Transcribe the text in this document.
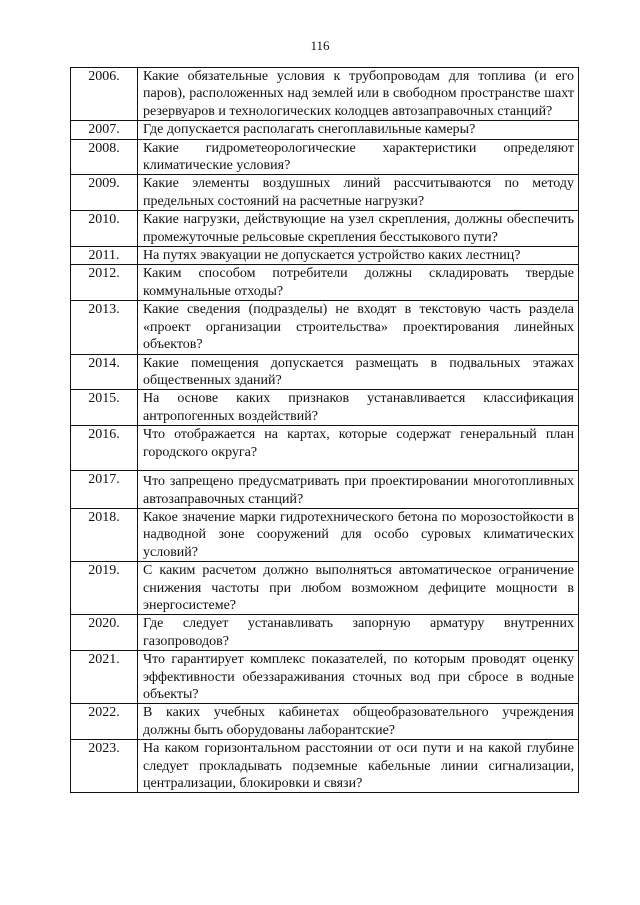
116
2006.	Какие обязательные условия к трубопроводам для топлива (и его паров), расположенных над землей или в свободном пространстве шахт резервуаров и технологических колодцев автозаправочных станций?
2007.	Где допускается располагать снегоплавильные камеры?
2008.	Какие гидрометеорологические характеристики определяют климатические условия?
2009.	Какие элементы воздушных линий рассчитываются по методу предельных состояний на расчетные нагрузки?
2010.	Какие нагрузки, действующие на узел скрепления, должны обеспечить промежуточные рельсовые скрепления бесстыкового пути?
2011.	На путях эвакуации не допускается устройство каких лестниц?
2012.	Каким способом потребители должны складировать твердые коммунальные отходы?
2013.	Какие сведения (подразделы) не входят в текстовую часть раздела «проект организации строительства» проектирования линейных объектов?
2014.	Какие помещения допускается размещать в подвальных этажах общественных зданий?
2015.	На основе каких признаков устанавливается классификация антропогенных воздействий?
2016.	Что отображается на картах, которые содержат генеральный план городского округа?
2017.	Что запрещено предусматривать при проектировании многотопливных автозаправочных станций?
2018.	Какое значение марки гидротехнического бетона по морозостойкости в надводной зоне сооружений для особо суровых климатических условий?
2019.	С каким расчетом должно выполняться автоматическое ограничение снижения частоты при любом возможном дефиците мощности в энергосистеме?
2020.	Где следует устанавливать запорную арматуру внутренних газопроводов?
2021.	Что гарантирует комплекс показателей, по которым проводят оценку эффективности обеззараживания сточных вод при сбросе в водные объекты?
2022.	В каких учебных кабинетах общеобразовательного учреждения должны быть оборудованы лаборантские?
2023.	На каком горизонтальном расстоянии от оси пути и на какой глубине следует прокладывать подземные кабельные линии сигнализации, централизации, блокировки и связи?
